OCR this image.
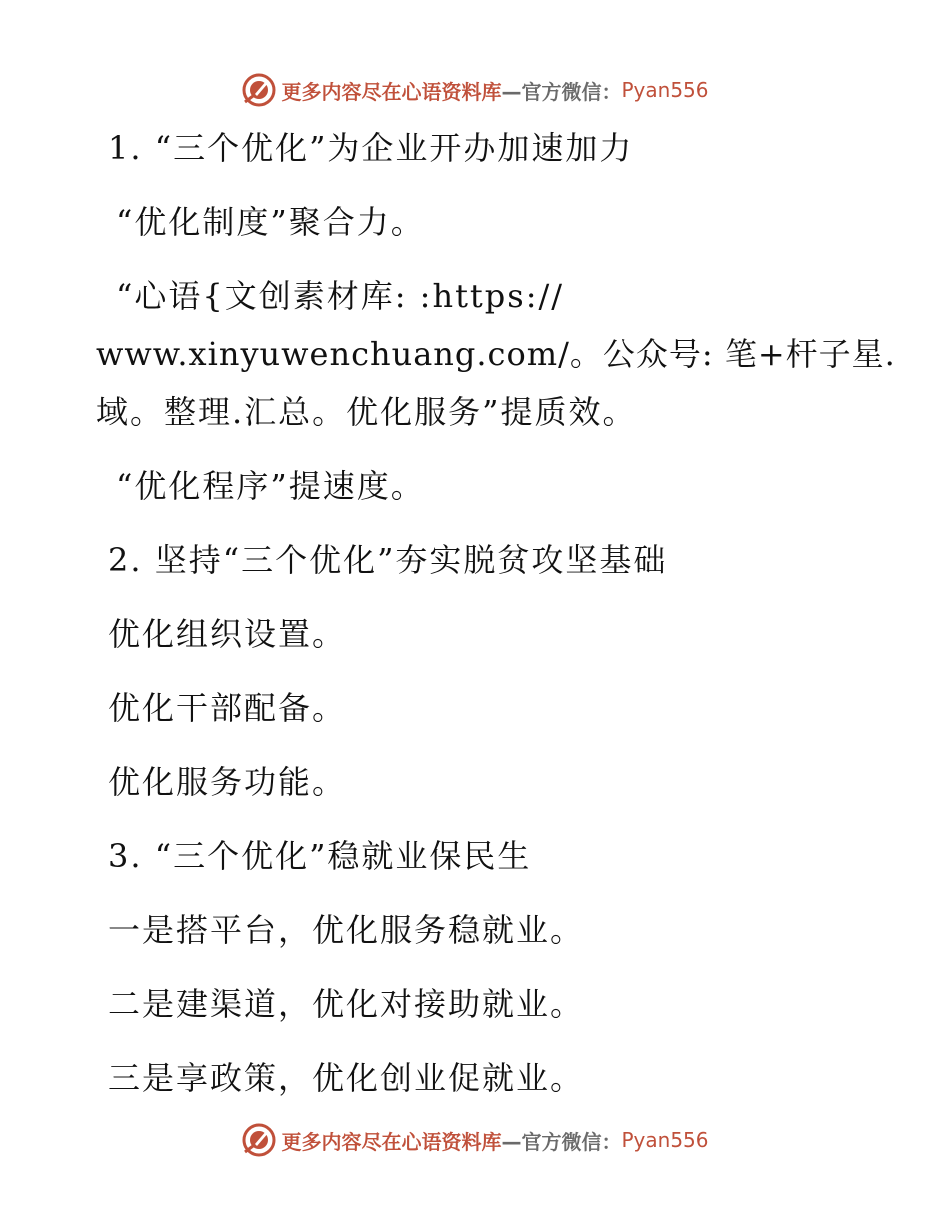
更多内容尽在心语资料库 —官方微信： Pyan556
1. “三个优化”为企业开办加速加力
“优化制度”聚合力。
“心语{文创素材库: :https://
www.xinyuwenchuang.com/。公众号: 笔+杆子星.
域。整理.汇总。优化服务”提质效。
“优化程序”提速度。
2. 坚持“三个优化”夯实脱贫攻坚基础
优化组织设置。
优化干部配备。
优化服务功能。
3. “三个优化”稳就业保民生
一是搭平台，优化服务稳就业。
二是建渠道，优化对接助就业。
三是享政策，优化创业促就业。
更多内容尽在心语资料库 —官方微信： Pyan556
